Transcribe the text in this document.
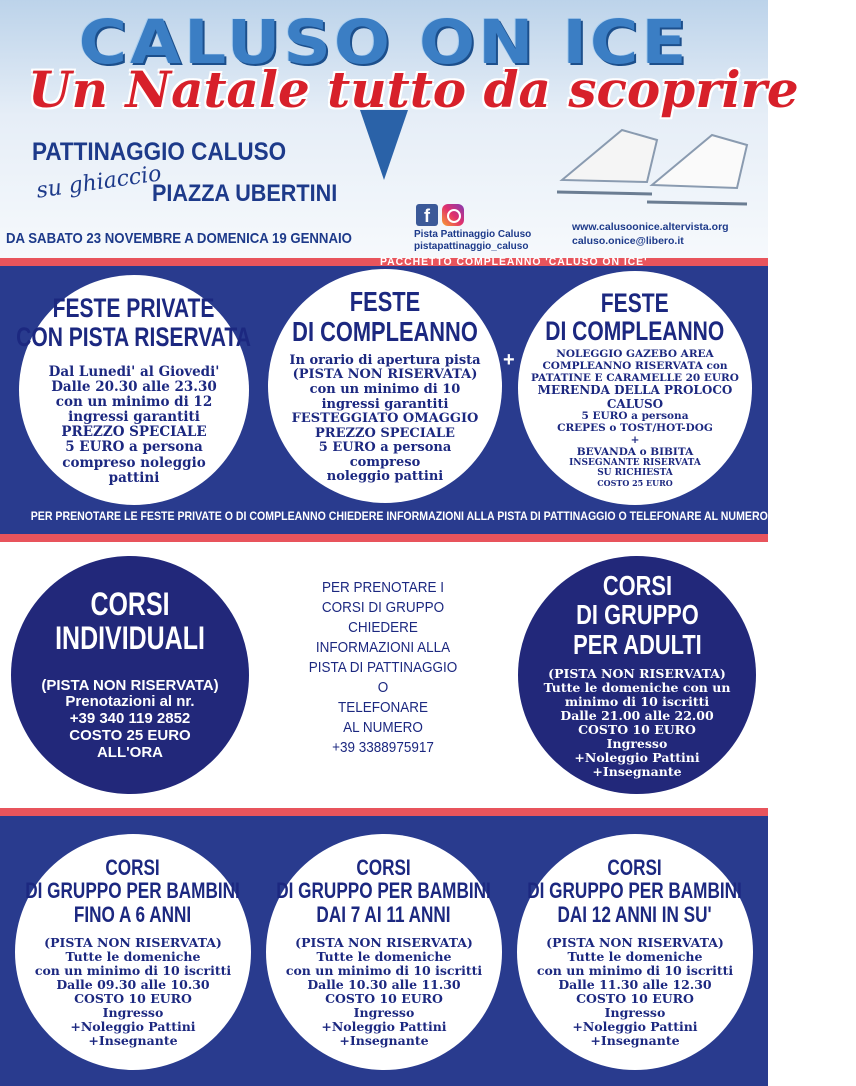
CALUSO ON ICE
Un Natale tutto da scoprire
PATTINAGGIO CALUSO
su ghiaccio
PIAZZA UBERTINI
DA SABATO 23 NOVEMBRE A DOMENICA 19 GENNAIO
f
Pista Pattinaggio Caluso
pistapattinaggio_caluso
www.calusoonice.altervista.org
caluso.onice@libero.it
PACCHETTO COMPLEANNO 'CALUSO ON ICE'
FESTE PRIVATE
CON PISTA RISERVATA
Dal Lunedi' al Giovedi'
Dalle 20.30 alle 23.30
con un minimo di 12
ingressi garantiti
PREZZO SPECIALE
5 EURO a persona
compreso noleggio
pattini
FESTE
DI COMPLEANNO
In orario di apertura pista
(PISTA NON RISERVATA)
con un minimo di 10
ingressi garantiti
FESTEGGIATO OMAGGIO
PREZZO SPECIALE
5 EURO a persona
compreso
noleggio pattini
+
FESTE
DI COMPLEANNO
NOLEGGIO GAZEBO AREA
COMPLEANNO RISERVATA con
PATATINE E CARAMELLE 20 EURO
MERENDA DELLA PROLOCO
CALUSO
5 EURO a persona
CREPES o TOST/HOT-DOG
+
BEVANDA o BIBITA
INSEGNANTE RISERVATA
SU RICHIESTA
COSTO 25 EURO
PER PRENOTARE LE FESTE PRIVATE O DI COMPLEANNO CHIEDERE INFORMAZIONI ALLA PISTA DI PATTINAGGIO O TELEFONARE AL NUMERO +39 340 943 0935
CORSI
INDIVIDUALI
(PISTA NON RISERVATA)
Prenotazioni al nr.
+39 340 119 2852
COSTO 25 EURO
ALL'ORA
PER PRENOTARE I
CORSI DI GRUPPO
CHIEDERE
INFORMAZIONI ALLA
PISTA DI PATTINAGGIO
O
TELEFONARE
AL NUMERO
+39 3388975917
CORSI
DI GRUPPO
PER ADULTI
(PISTA NON RISERVATA)
Tutte le domeniche con un
minimo di 10 iscritti
Dalle 21.00 alle 22.00
COSTO 10 EURO
Ingresso
+Noleggio Pattini
+Insegnante
CORSI
DI GRUPPO PER BAMBINI
FINO A 6 ANNI
(PISTA NON RISERVATA)
Tutte le domeniche
con un minimo di 10 iscritti
Dalle 09.30 alle 10.30
COSTO 10 EURO
Ingresso
+Noleggio Pattini
+Insegnante
CORSI
DI GRUPPO PER BAMBINI
DAI 7 AI 11 ANNI
(PISTA NON RISERVATA)
Tutte le domeniche
con un minimo di 10 iscritti
Dalle 10.30 alle 11.30
COSTO 10 EURO
Ingresso
+Noleggio Pattini
+Insegnante
CORSI
DI GRUPPO PER BAMBINI
DAI 12 ANNI IN SU'
(PISTA NON RISERVATA)
Tutte le domeniche
con un minimo di 10 iscritti
Dalle 11.30 alle 12.30
COSTO 10 EURO
Ingresso
+Noleggio Pattini
+Insegnante
